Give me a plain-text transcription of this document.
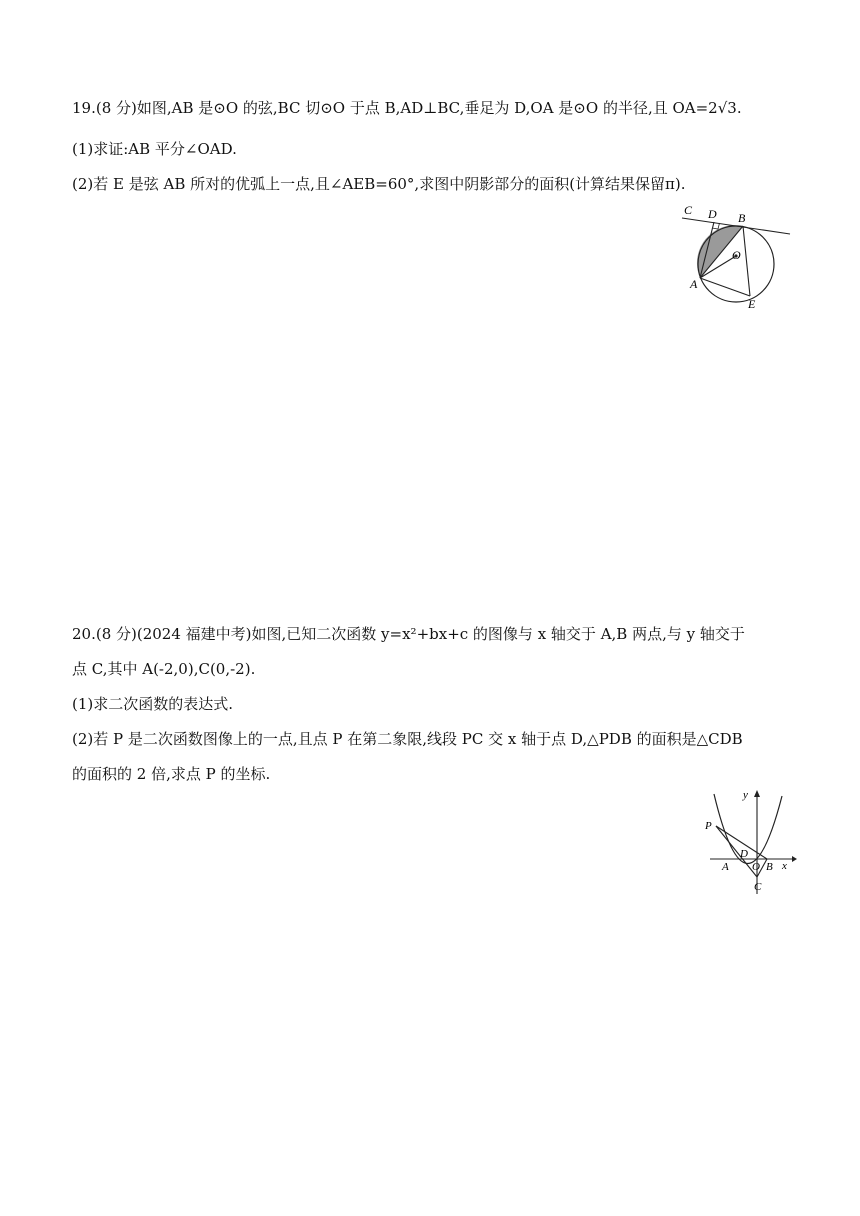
19.(8 分)如图,AB 是⊙O 的弦,BC 切⊙O 于点 B,AD⊥BC,垂足为 D,OA 是⊙O 的半径,且 OA=2√3.
(1)求证:AB 平分∠OAD.
(2)若 E 是弦 AB 所对的优弧上一点,且∠AEB=60°,求图中阴影部分的面积(计算结果保留π).
C D B
O
A
E
20.(8 分)(2024 福建中考)如图,已知二次函数 y=x²+bx+c 的图像与 x 轴交于 A,B 两点,与 y 轴交于
点 C,其中 A(-2,0),C(0,-2).
(1)求二次函数的表达式.
(2)若 P 是二次函数图像上的一点,且点 P 在第二象限,线段 PC 交 x 轴于点 D,△PDB 的面积是△CDB
的面积的 2 倍,求点 P 的坐标.
y
x
P
D
A O B
C
